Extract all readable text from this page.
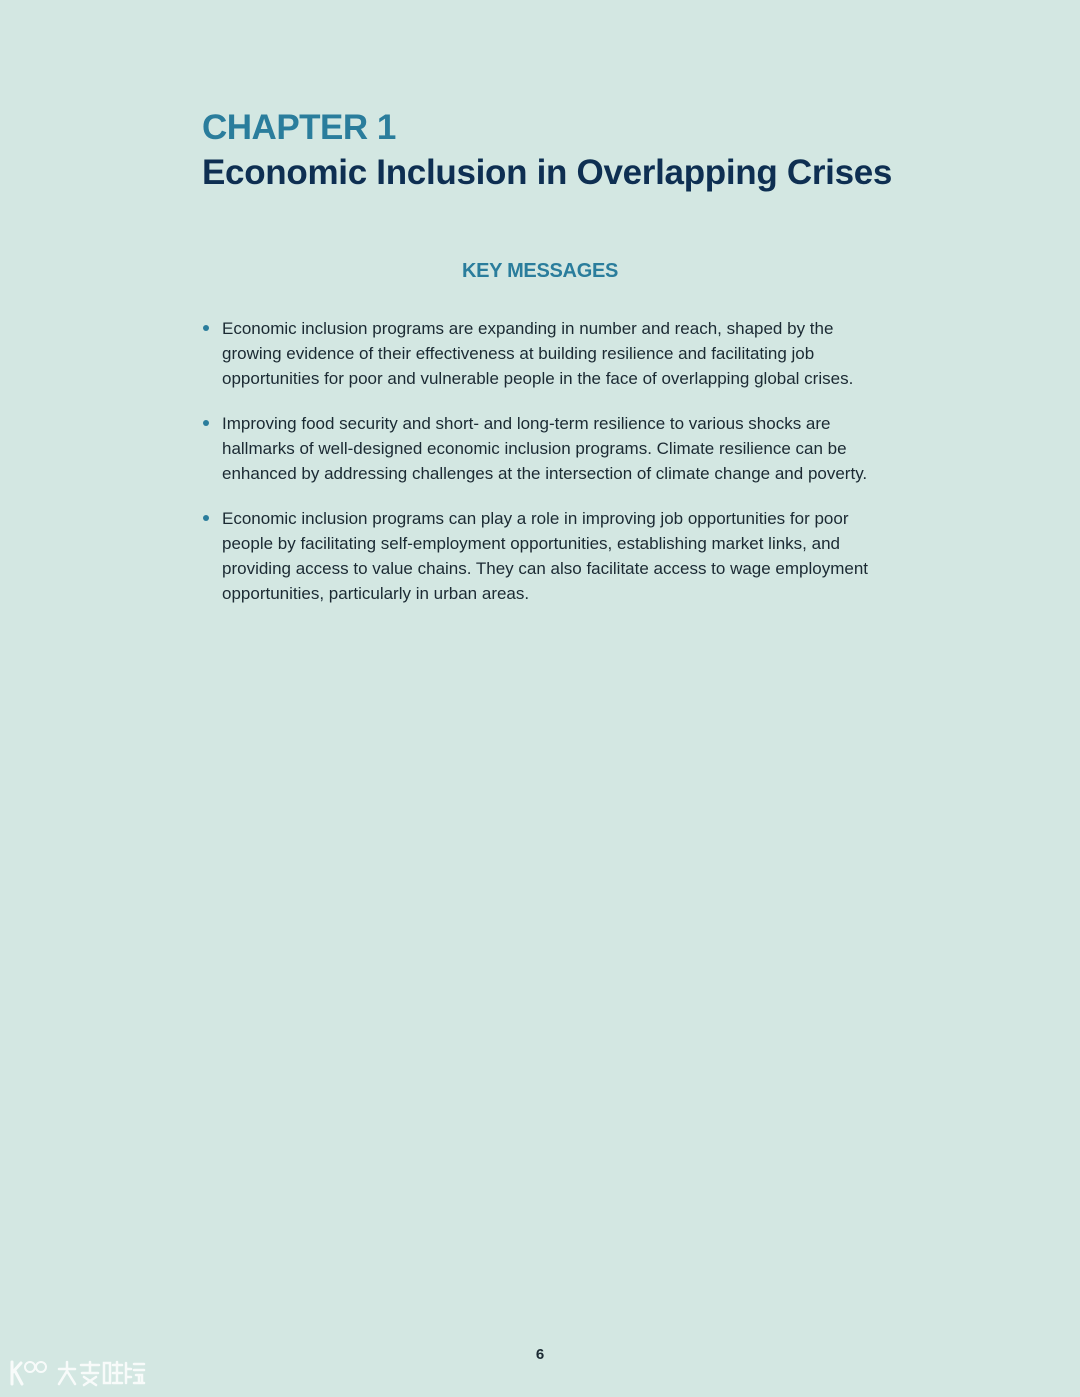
CHAPTER 1
Economic Inclusion in Overlapping Crises
KEY MESSAGES
Economic inclusion programs are expanding in number and reach, shaped by the growing evidence of their effectiveness at building resilience and facilitating job opportunities for poor and vulnerable people in the face of overlapping global crises.
Improving food security and short- and long-term resilience to various shocks are hallmarks of well-designed economic inclusion programs. Climate resilience can be enhanced by addressing challenges at the intersection of climate change and poverty.
Economic inclusion programs can play a role in improving job opportunities for poor people by facilitating self-employment opportunities, establishing market links, and providing access to value chains. They can also facilitate access to wage employment opportunities, particularly in urban areas.
6
